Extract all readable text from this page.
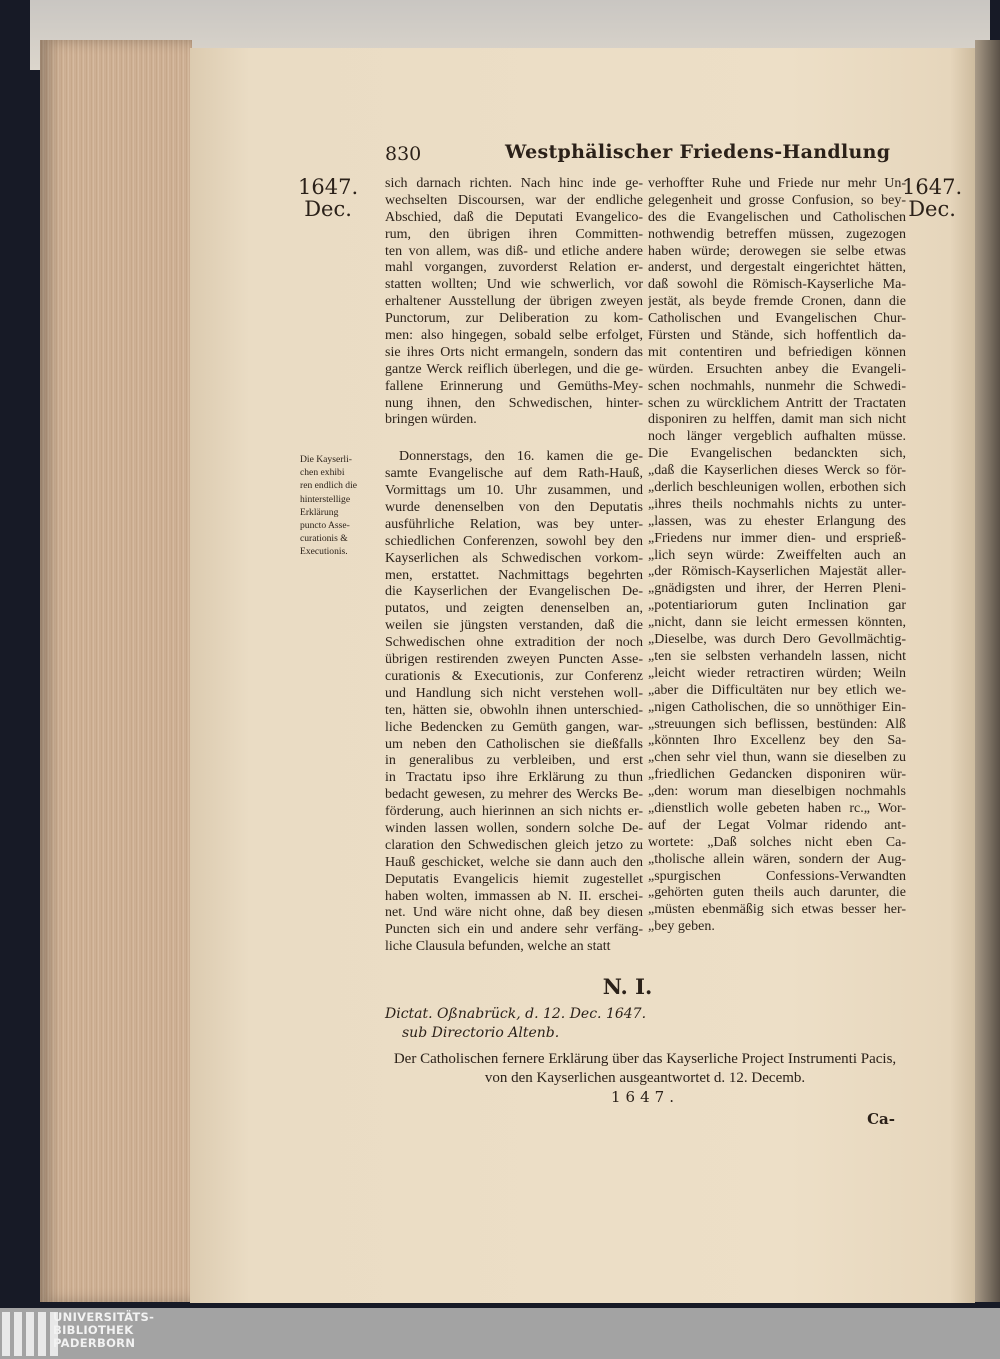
830	Westphälischer Friedens-Handlung
1647.
Dec.
1647.
Dec.
sich darnach richten. Nach hinc inde ge-
wechselten Discoursen, war der endliche
Abschied, daß die Deputati Evangelico-
rum, den übrigen ihren Committen-
ten von allem, was diß- und etliche andere
mahl vorgangen, zuvorderst Relation er-
statten wollten; Und wie schwerlich, vor
erhaltener Ausstellung der übrigen zweyen
Punctorum, zur Deliberation zu kom-
men: also hingegen, sobald selbe erfolget,
sie ihres Orts nicht ermangeln, sondern das
gantze Werck reiflich überlegen, und die ge-
fallene Erinnerung und Gemüths-Mey-
nung ihnen, den Schwedischen, hinter-
bringen würden.
Donnerstags, den 16. kamen die ge-
samte Evangelische auf dem Rath-Hauß,
Vormittags um 10. Uhr zusammen, und
wurde denenselben von den Deputatis
ausführliche Relation, was bey unter-
schiedlichen Conferenzen, sowohl bey den
Kayserlichen als Schwedischen vorkom-
men, erstattet. Nachmittags begehrten
die Kayserlichen der Evangelischen De-
putatos, und zeigten denenselben an,
weilen sie jüngsten verstanden, daß die
Schwedischen ohne extradition der noch
übrigen restirenden zweyen Puncten Asse-
curationis & Executionis, zur Conferenz
und Handlung sich nicht verstehen woll-
ten, hätten sie, obwohln ihnen unterschied-
liche Bedencken zu Gemüth gangen, war-
um neben den Catholischen sie dießfalls
in generalibus zu verbleiben, und erst
in Tractatu ipso ihre Erklärung zu thun
bedacht gewesen, zu mehrer des Wercks Be-
förderung, auch hierinnen an sich nichts er-
winden lassen wollen, sondern solche De-
claration den Schwedischen gleich jetzo zu
Hauß geschicket, welche sie dann auch den
Deputatis Evangelicis hiemit zugestellet
haben wolten, immassen ab N. II. erschei-
net. Und wäre nicht ohne, daß bey diesen
Puncten sich ein und andere sehr verfäng-
liche Clausula befunden, welche an statt
verhoffter Ruhe und Friede nur mehr Un-
gelegenheit und grosse Confusion, so bey-
des die Evangelischen und Catholischen
nothwendig betreffen müssen, zugezogen
haben würde; derowegen sie selbe etwas
anderst, und dergestalt eingerichtet hätten,
daß sowohl die Römisch-Kayserliche Ma-
jestät, als beyde fremde Cronen, dann die
Catholischen und Evangelischen Chur-
Fürsten und Stände, sich hoffentlich da-
mit contentiren und befriedigen können
würden. Ersuchten anbey die Evangeli-
schen nochmahls, nunmehr die Schwedi-
schen zu würcklichem Antritt der Tractaten
disponiren zu helffen, damit man sich nicht
noch länger vergeblich aufhalten müsse.
Die Evangelischen bedanckten sich,
„daß die Kayserlichen dieses Werck so för-
„derlich beschleunigen wollen, erbothen sich
„ihres theils nochmahls nichts zu unter-
„lassen, was zu ehester Erlangung des
„Friedens nur immer dien- und ersprieß-
„lich seyn würde: Zweiffelten auch an
„der Römisch-Kayserlichen Majestät aller-
„gnädigsten und ihrer, der Herren Pleni-
„potentiariorum guten Inclination gar
„nicht, dann sie leicht ermessen könnten,
„Dieselbe, was durch Dero Gevollmächtig-
„ten sie selbsten verhandeln lassen, nicht
„leicht wieder retractiren würden; Weiln
„aber die Difficultäten nur bey etlich we-
„nigen Catholischen, die so unnöthiger Ein-
„streuungen sich beflissen, bestünden: Alß
„könnten Ihro Excellenz bey den Sa-
„chen sehr viel thun, wann sie dieselben zu
„friedlichen Gedancken disponiren wür-
„den: worum man dieselbigen nochmahls
„dienstlich wolle gebeten haben rc.„ Wor-
auf der Legat Volmar ridendo ant-
wortete: „Daß solches nicht eben Ca-
„tholische allein wären, sondern der Aug-
„spurgischen Confessions-Verwandten
„gehörten guten theils auch darunter, die
„müsten ebenmäßig sich etwas besser her-
„bey geben.
Die Kayserli-
chen exhibi
ren endlich die
hinterstellige
Erklärung
puncto Asse-
curationis &
Executionis.
N. I.
Dictat. Oßnabrück, d. 12. Dec. 1647.
sub Directorio Altenb.
Der Catholischen fernere Erklärung über das Kayserliche Project Instrumenti Pacis, von den Kayserlichen ausgeantwortet d. 12. Decemb.
1647.
Ca-
UNIVERSITÄTS-
BIBLIOTHEK
PADERBORN
